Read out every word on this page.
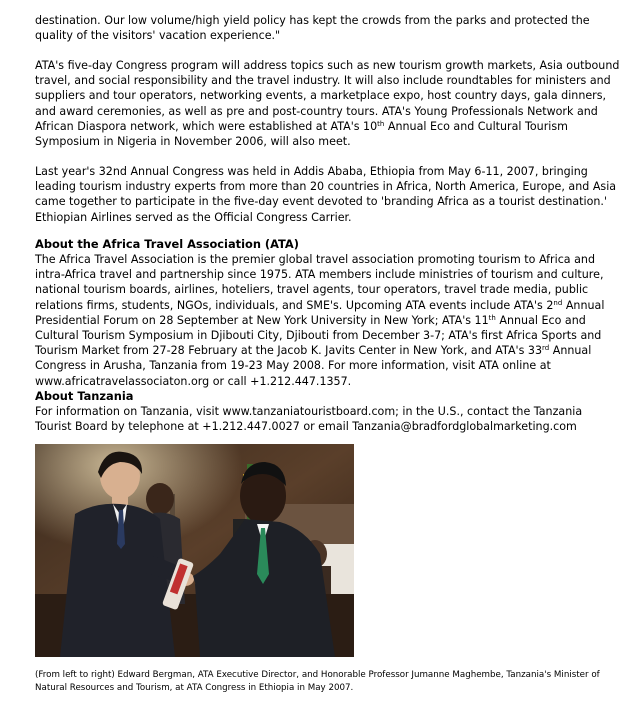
destination. Our low volume/high yield policy has kept the crowds from the parks and protected the
quality of the visitors' vacation experience."

ATA's five-day Congress program will address topics such as new tourism growth markets, Asia outbound
travel, and social responsibility and the travel industry. It will also include roundtables for ministers and
suppliers and tour operators, networking events, a marketplace expo, host country days, gala dinners,
and award ceremonies, as well as pre and post-country tours. ATA's Young Professionals Network and
African Diaspora network, which were established at ATA's 10th Annual Eco and Cultural Tourism
Symposium in Nigeria in November 2006, will also meet.

Last year's 32nd Annual Congress was held in Addis Ababa, Ethiopia from May 6-11, 2007, bringing
leading tourism industry experts from more than 20 countries in Africa, North America, Europe, and Asia
came together to participate in the five-day event devoted to 'branding Africa as a tourist destination.'
Ethiopian Airlines served as the Official Congress Carrier.

About the Africa Travel Association (ATA)

The Africa Travel Association is the premier global travel association promoting tourism to Africa and
intra-Africa travel and partnership since 1975. ATA members include ministries of tourism and culture,
national tourism boards, airlines, hoteliers, travel agents, tour operators, travel trade media, public
relations firms, students, NGOs, individuals, and SME's. Upcoming ATA events include ATA's 2nd Annual
Presidential Forum on 28 September at New York University in New York; ATA's 11th Annual Eco and
Cultural Tourism Symposium in Djibouti City, Djibouti from December 3-7; ATA's first Africa Sports and
Tourism Market from 27-28 February at the Jacob K. Javits Center in New York, and ATA's 33rd Annual
Congress in Arusha, Tanzania from 19-23 May 2008. For more information, visit ATA online at
www.africatravelassociaton.org or call +1.212.447.1357.

About Tanzania

For information on Tanzania, visit www.tanzaniatouristboard.com; in the U.S., contact the Tanzania
Tourist Board by telephone at +1.212.447.0027 or email Tanzania@bradfordglobalmarketing.com

(From left to right) Edward Bergman, ATA Executive Director, and Honorable Professor Jumanne Maghembe, Tanzania's Minister of
Natural Resources and Tourism, at ATA Congress in Ethiopia in May 2007.
